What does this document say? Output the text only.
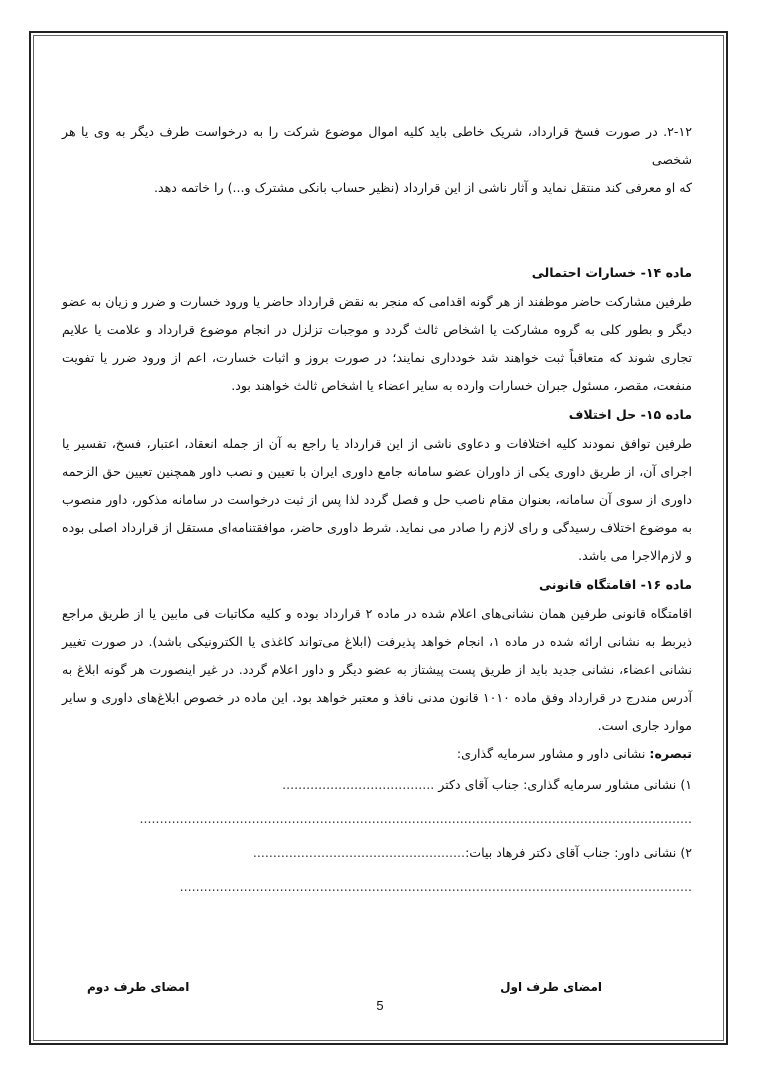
۲-۱۲. در صورت فسخ قرارداد، شریک خاطی باید کلیه اموال موضوع شرکت را به درخواست طرف دیگر به وی یا هر شخصی

که او معرفی کند منتقل نماید و آثار ناشی از این قرارداد (نظیر حساب بانکی مشترک و...) را خاتمه دهد.

ماده ۱۴- خسارات احتمالی

طرفین مشارکت حاضر موظفند از هر گونه اقدامی که منجر به نقض قرارداد حاضر یا ورود خسارت و ضرر و زیان به عضو دیگر و بطور کلی به گروه مشارکت یا اشخاص ثالث گردد و موجبات تزلزل در انجام موضوع قرارداد و علامت یا علایم تجاری شوند که متعاقباً ثبت خواهند شد خودداری نمایند؛ در صورت بروز و اثبات خسارت، اعم از ورود ضرر یا تفویت منفعت، مقصر، مسئول جبران خسارات وارده به سایر اعضاء یا اشخاص ثالث خواهند بود.

ماده ۱۵- حل اختلاف

طرفین توافق نمودند کلیه اختلافات و دعاوی ناشی از این قرارداد یا راجع به آن از جمله انعقاد، اعتبار، فسخ، تفسیر یا اجرای آن، از طریق داوری یکی از داوران عضو سامانه جامع داوری ایران با تعیین و نصب داور همچنین تعیین حق الزحمه داوری از سوی آن سامانه، بعنوان مقام ناصب حل و فصل گردد لذا پس از ثبت درخواست در سامانه مذکور، داور منصوب به موضوع اختلاف رسیدگی و رای لازم را صادر می نماید. شرط داوری حاضر، موافقتنامه‌ای مستقل از قرارداد اصلی بوده و لازم‌الاجرا می باشد.

ماده ۱۶- اقامتگاه قانونی

اقامتگاه قانونی طرفین همان نشانی‌های اعلام شده در ماده ۲ قرارداد بوده و کلیه مکاتبات فی مابین یا از طریق مراجع ذیربط به نشانی ارائه شده در ماده ۱، انجام خواهد پذیرفت (ابلاغ می‌تواند کاغذی یا الکترونیکی باشد). در صورت تغییر نشانی اعضاء، نشانی جدید باید از طریق پست پیشتاز به عضو دیگر و داور اعلام گردد. در غیر اینصورت هر گونه ابلاغ به آدرس مندرج در قرارداد وفق ماده ۱۰۱۰ قانون مدنی نافذ و معتبر خواهد بود. این ماده در خصوص ابلاغ‌های داوری و سایر موارد جاری است.

تبصره: نشانی داور و مشاور سرمایه گذاری:

۱) نشانی مشاور سرمایه گذاری: جناب آقای دکتر ......................................

..........................................................................................................................................

۲) نشانی داور: جناب آقای دکتر فرهاد بیات:.....................................................

................................................................................................................................

امضای طرف اول
امضای طرف دوم
5
